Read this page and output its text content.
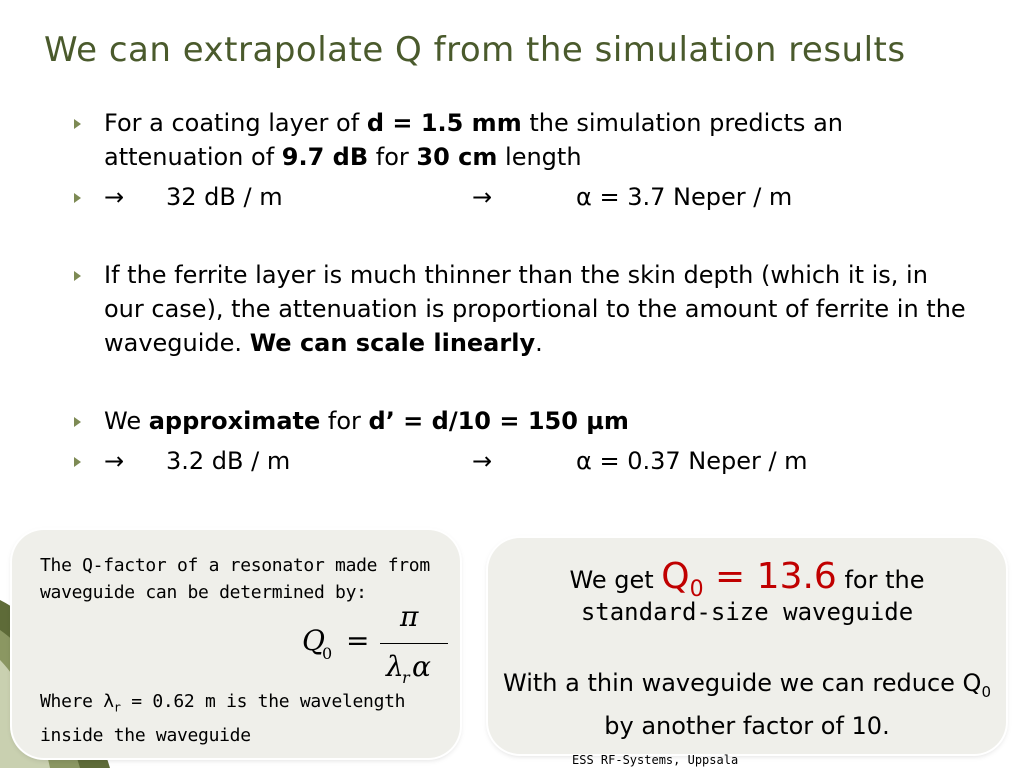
We can extrapolate Q from the simulation results
For a coating layer of d = 1.5 mm the simulation predicts an attenuation of 9.7 dB for 30 cm length
→	32 dB / m	→	α = 3.7 Neper / m
If the ferrite layer is much thinner than the skin depth (which it is, in our case), the attenuation is proportional to the amount of ferrite in the waveguide. We can scale linearly.
We approximate for d’ = d/10 = 150 µm
→	3.2 dB / m	→	α = 0.37 Neper / m
The Q-factor of a resonator made from waveguide can be determined by:
Q
0 =
π
λ
r α
Where $\lambda_r = 0.62$ m is the wavelength inside the waveguide
We get $Q_0 = 13.6$ for the
standard-size waveguide
With a thin waveguide we can reduce $Q_0$ by another factor of 10.
ESS RF-Systems, Uppsala
